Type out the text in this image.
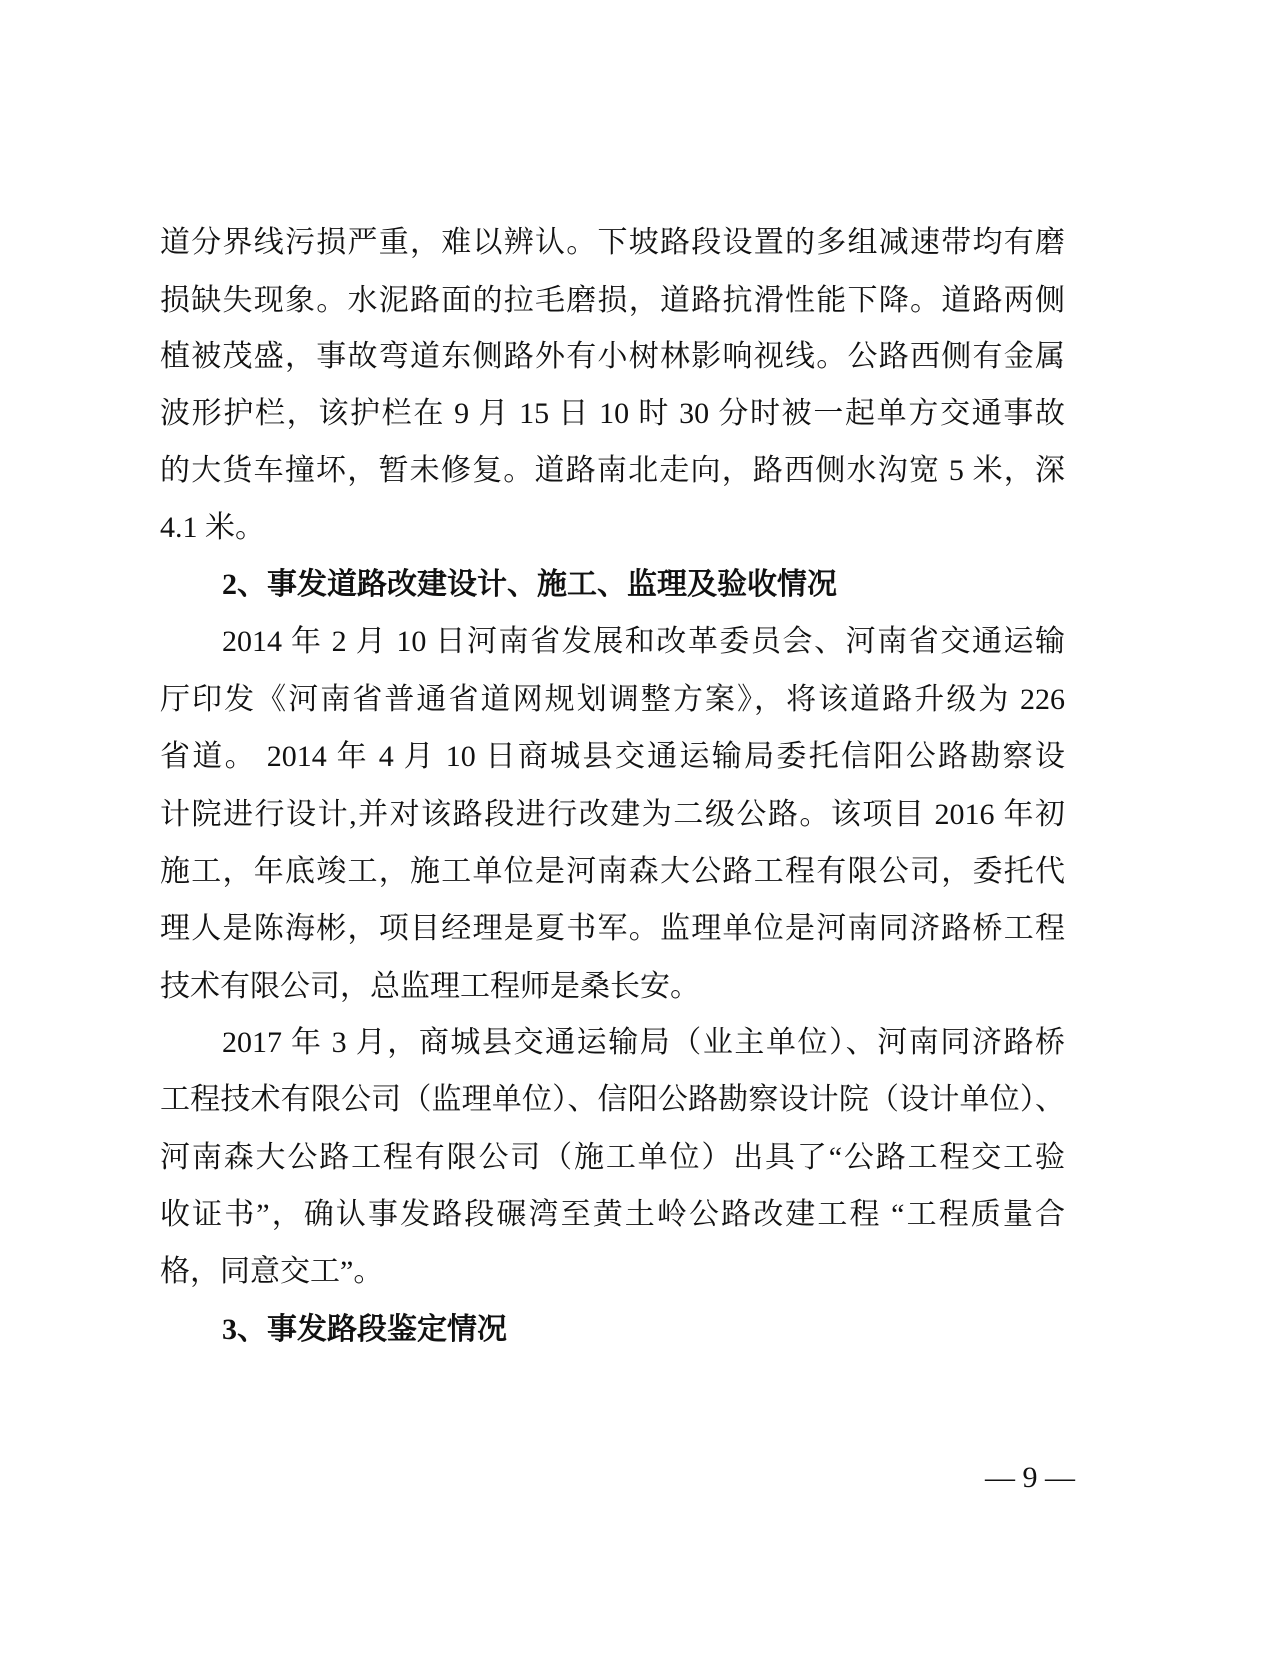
道分界线污损严重，难以辨认。下坡路段设置的多组减速带均有磨
损缺失现象。水泥路面的拉毛磨损，道路抗滑性能下降。道路两侧
植被茂盛，事故弯道东侧路外有小树林影响视线。公路西侧有金属
波形护栏，该护栏在 9 月 15 日 10 时 30 分时被一起单方交通事故
的大货车撞坏，暂未修复。道路南北走向，路西侧水沟宽 5 米，深
4.1 米。
2、事发道路改建设计、施工、监理及验收情况
2014 年 2 月 10 日河南省发展和改革委员会、河南省交通运输
厅印发《河南省普通省道网规划调整方案》，将该道路升级为 226
省道。 2014 年 4 月 10 日商城县交通运输局委托信阳公路勘察设
计院进行设计,并对该路段进行改建为二级公路。该项目 2016 年初
施工，年底竣工，施工单位是河南森大公路工程有限公司，委托代
理人是陈海彬，项目经理是夏书军。监理单位是河南同济路桥工程
技术有限公司，总监理工程师是桑长安。
2017 年 3 月，商城县交通运输局（业主单位）、河南同济路桥
工程技术有限公司（监理单位）、信阳公路勘察设计院（设计单位）、
河南森大公路工程有限公司（施工单位）出具了“公路工程交工验
收证书”，确认事发路段碾湾至黄土岭公路改建工程 “工程质量合
格，同意交工”。
3、事发路段鉴定情况
— 9 —
